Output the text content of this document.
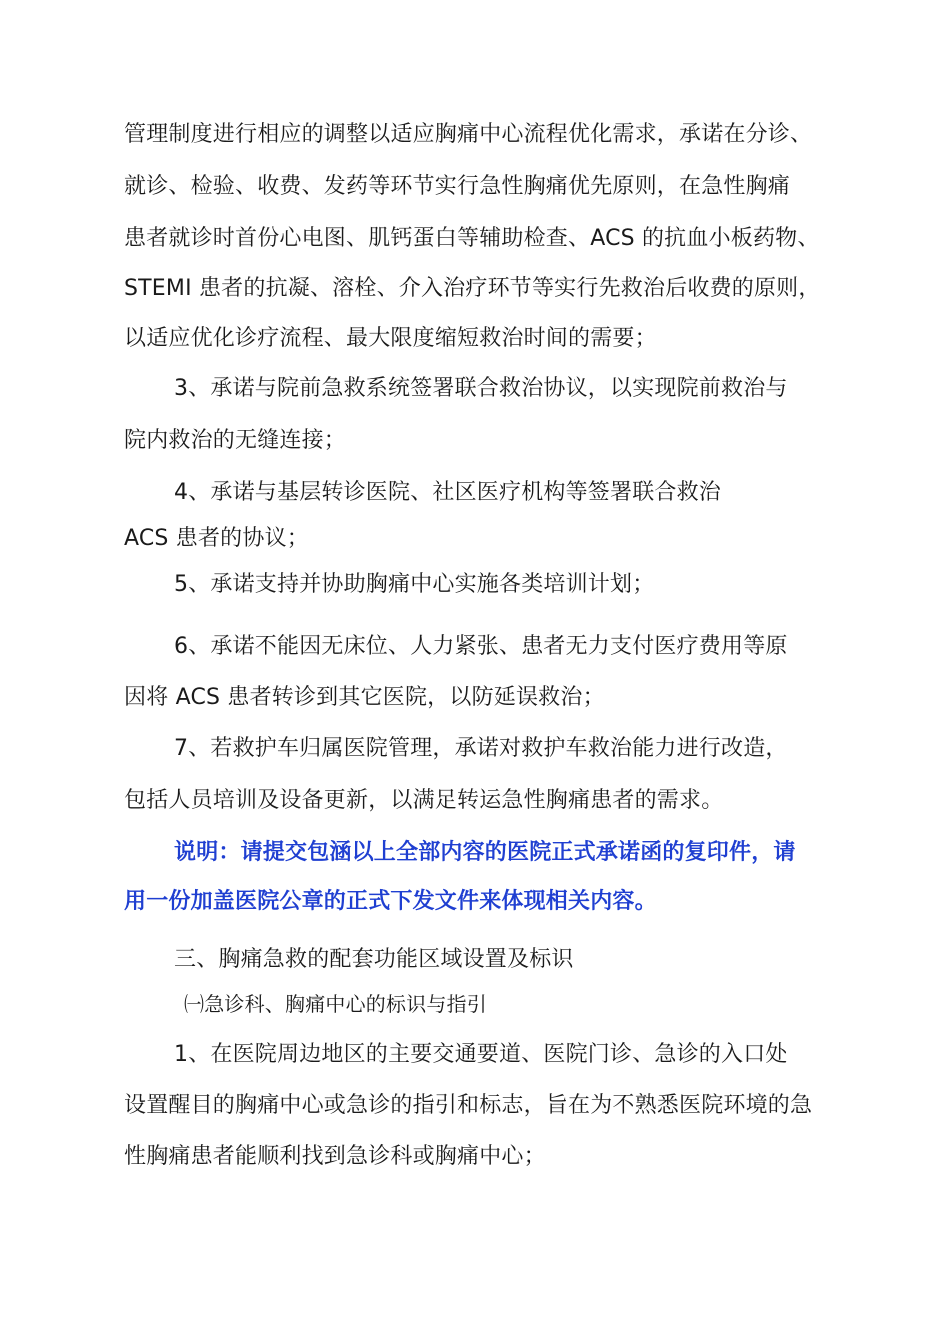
管理制度进行相应的调整以适应胸痛中心流程优化需求，承诺在分诊、
就诊、检验、收费、发药等环节实行急性胸痛优先原则，在急性胸痛
患者就诊时首份心电图、肌钙蛋白等辅助检查、ACS 的抗血小板药物、
STEMI 患者的抗凝、溶栓、介入治疗环节等实行先救治后收费的原则，
以适应优化诊疗流程、最大限度缩短救治时间的需要；
3、承诺与院前急救系统签署联合救治协议，以实现院前救治与
院内救治的无缝连接；
4、承诺与基层转诊医院、社区医疗机构等签署联合救治
ACS 患者的协议；
5、承诺支持并协助胸痛中心实施各类培训计划；
6、承诺不能因无床位、人力紧张、患者无力支付医疗费用等原
因将 ACS 患者转诊到其它医院，以防延误救治；
7、若救护车归属医院管理，承诺对救护车救治能力进行改造，
包括人员培训及设备更新，以满足转运急性胸痛患者的需求。
说明：请提交包涵以上全部内容的医院正式承诺函的复印件，请
用一份加盖医院公章的正式下发文件来体现相关内容。
三、胸痛急救的配套功能区域设置及标识
㈠急诊科、胸痛中心的标识与指引
1、在医院周边地区的主要交通要道、医院门诊、急诊的入口处
设置醒目的胸痛中心或急诊的指引和标志，旨在为不熟悉医院环境的急
性胸痛患者能顺利找到急诊科或胸痛中心；
